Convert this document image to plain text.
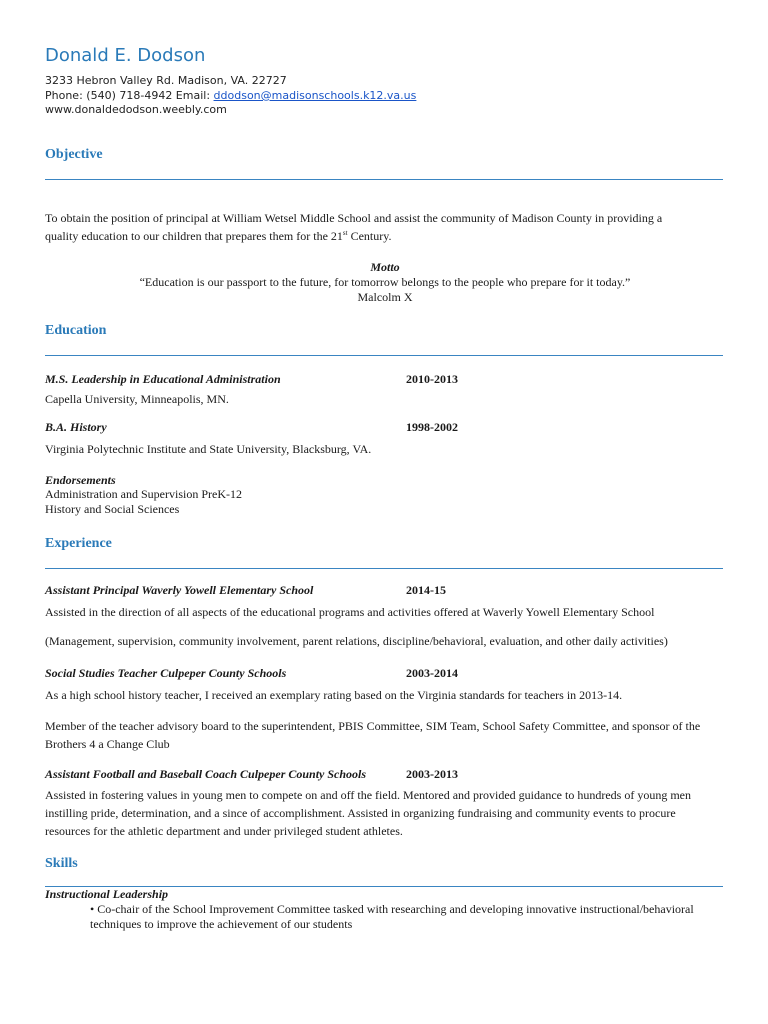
Donald E. Dodson
3233 Hebron Valley Rd. Madison, VA. 22727
Phone: (540) 718-4942 Email: ddodson@madisonschools.k12.va.us
www.donaldedodson.weebly.com
Objective
To obtain the position of principal at William Wetsel Middle School and assist the community of Madison County in providing a
quality education to our children that prepares them for the 21st Century.
Motto
“Education is our passport to the future, for tomorrow belongs to the people who prepare for it today.”
Malcolm X
Education
M.S. Leadership in Educational Administration	2010-2013
Capella University, Minneapolis, MN.
B.A. History	1998-2002
Virginia Polytechnic Institute and State University, Blacksburg, VA.
Endorsements
Administration and Supervision PreK-12
History and Social Sciences
Experience
Assistant Principal Waverly Yowell Elementary School	2014-15
Assisted in the direction of all aspects of the educational programs and activities offered at Waverly Yowell Elementary School
(Management, supervision, community involvement, parent relations, discipline/behavioral, evaluation, and other daily activities)
Social Studies Teacher Culpeper County Schools	2003-2014
As a high school history teacher, I received an exemplary rating based on the Virginia standards for teachers in 2013-14.
Member of the teacher advisory board to the superintendent, PBIS Committee, SIM Team, School Safety Committee, and sponsor of the Brothers 4 a Change Club
Assistant Football and Baseball Coach Culpeper County Schools	2003-2013
Assisted in fostering values in young men to compete on and off the field. Mentored and provided guidance to hundreds of young men instilling pride, determination, and a since of accomplishment. Assisted in organizing fundraising and community events to procure resources for the athletic department and under privileged student athletes.
Skills
Instructional Leadership
• Co-chair of the School Improvement Committee tasked with researching and developing innovative instructional/behavioral techniques to improve the achievement of our students
